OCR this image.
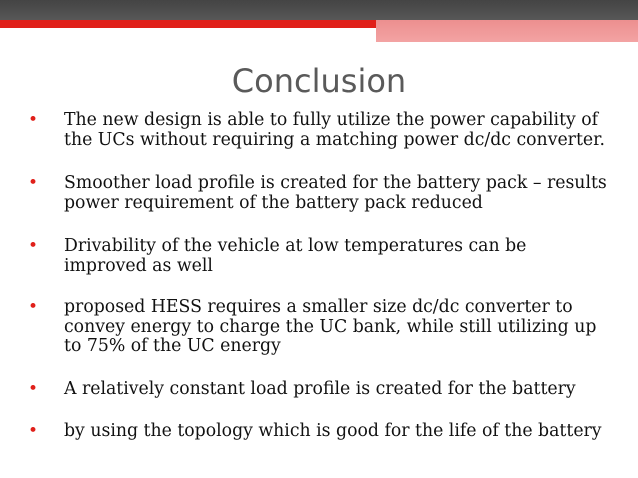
Conclusion
• The new design is able to fully utilize the power capability of the UCs without requiring a matching power dc/dc converter.
• Smoother load profile is created for the battery pack – results power requirement of the battery pack reduced
• Drivability of the vehicle at low temperatures can be improved as well
• proposed HESS requires a smaller size dc/dc converter to convey energy to charge the UC bank, while still utilizing up to 75% of the UC energy
• A relatively constant load profile is created for the battery
• by using the topology which is good for the life of the battery
